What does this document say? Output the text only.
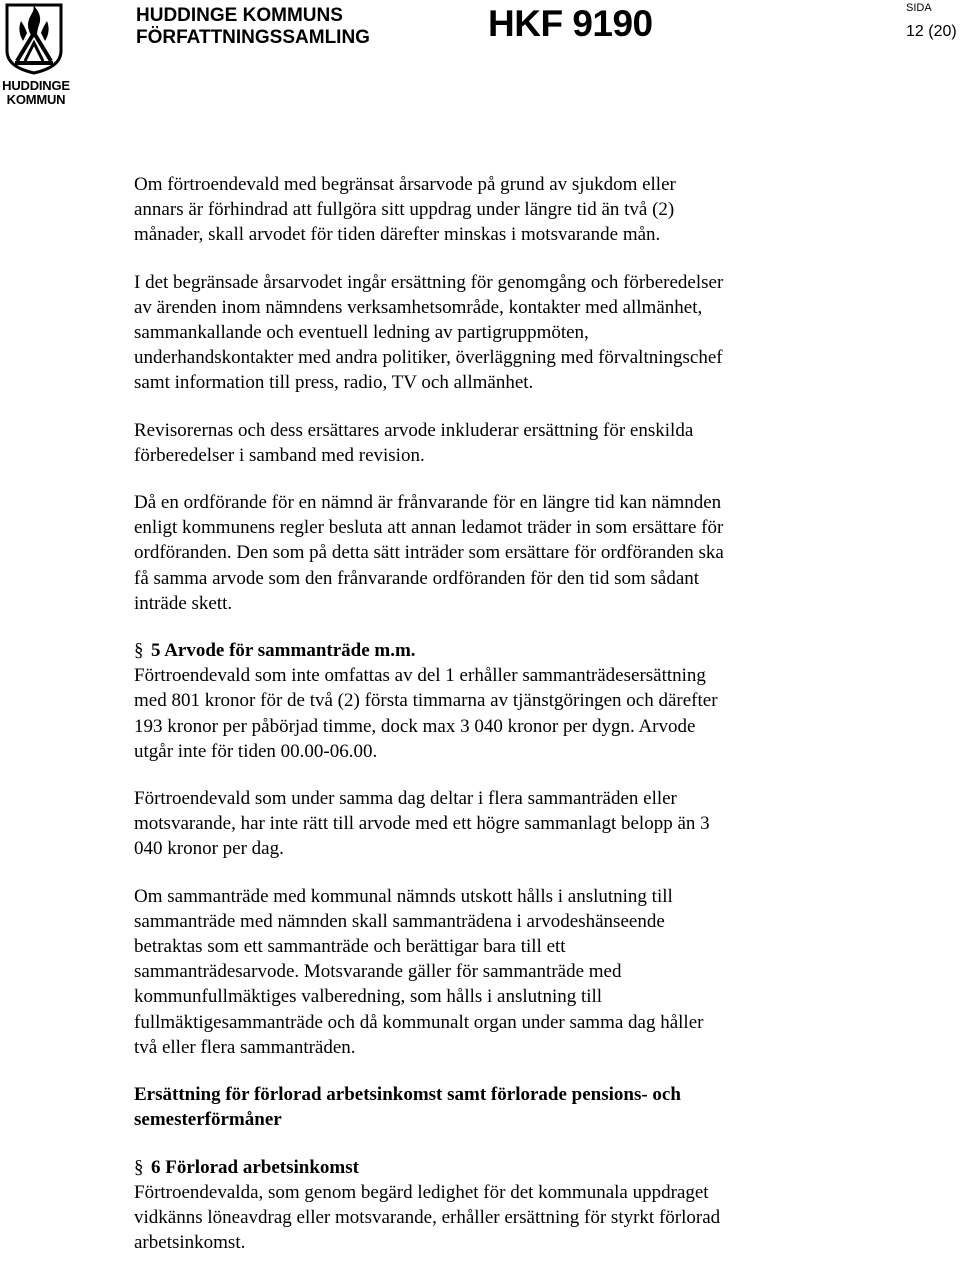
HUDDINGE
KOMMUN
HUDDINGE KOMMUNS
FÖRFATTNINGSSAMLING	HKF 9190	SIDA
12 (20)

Om förtroendevald med begränsat årsarvode på grund av sjukdom eller
annars är förhindrad att fullgöra sitt uppdrag under längre tid än två (2)
månader, skall arvodet för tiden därefter minskas i motsvarande mån.

I det begränsade årsarvodet ingår ersättning för genomgång och förberedelser
av ärenden inom nämndens verksamhetsområde, kontakter med allmänhet,
sammankallande och eventuell ledning av partigruppmöten,
underhandskontakter med andra politiker, överläggning med förvaltningschef
samt information till press, radio, TV och allmänhet.

Revisorernas och dess ersättares arvode inkluderar ersättning för enskilda
förberedelser i samband med revision.

Då en ordförande för en nämnd är frånvarande för en längre tid kan nämnden
enligt kommunens regler besluta att annan ledamot träder in som ersättare för
ordföranden. Den som på detta sätt inträder som ersättare för ordföranden ska
få samma arvode som den frånvarande ordföranden för den tid som sådant
inträde skett.

§ 5 Arvode för sammanträde m.m.

Förtroendevald som inte omfattas av del 1 erhåller sammanträdesersättning
med 801 kronor för de två (2) första timmarna av tjänstgöringen och därefter
193 kronor per påbörjad timme, dock max 3 040 kronor per dygn. Arvode
utgår inte för tiden 00.00-06.00.

Förtroendevald som under samma dag deltar i flera sammanträden eller
motsvarande, har inte rätt till arvode med ett högre sammanlagt belopp än 3
040 kronor per dag.

Om sammanträde med kommunal nämnds utskott hålls i anslutning till
sammanträde med nämnden skall sammanträdena i arvodeshänseende
betraktas som ett sammanträde och berättigar bara till ett
sammanträdesarvode. Motsvarande gäller för sammanträde med
kommunfullmäktiges valberedning, som hålls i anslutning till
fullmäktigesammanträde och då kommunalt organ under samma dag håller
två eller flera sammanträden.

Ersättning för förlorad arbetsinkomst samt förlorade pensions- och
semesterförmåner

§ 6 Förlorad arbetsinkomst

Förtroendevalda, som genom begärd ledighet för det kommunala uppdraget
vidkänns löneavdrag eller motsvarande, erhåller ersättning för styrkt förlorad
arbetsinkomst.
